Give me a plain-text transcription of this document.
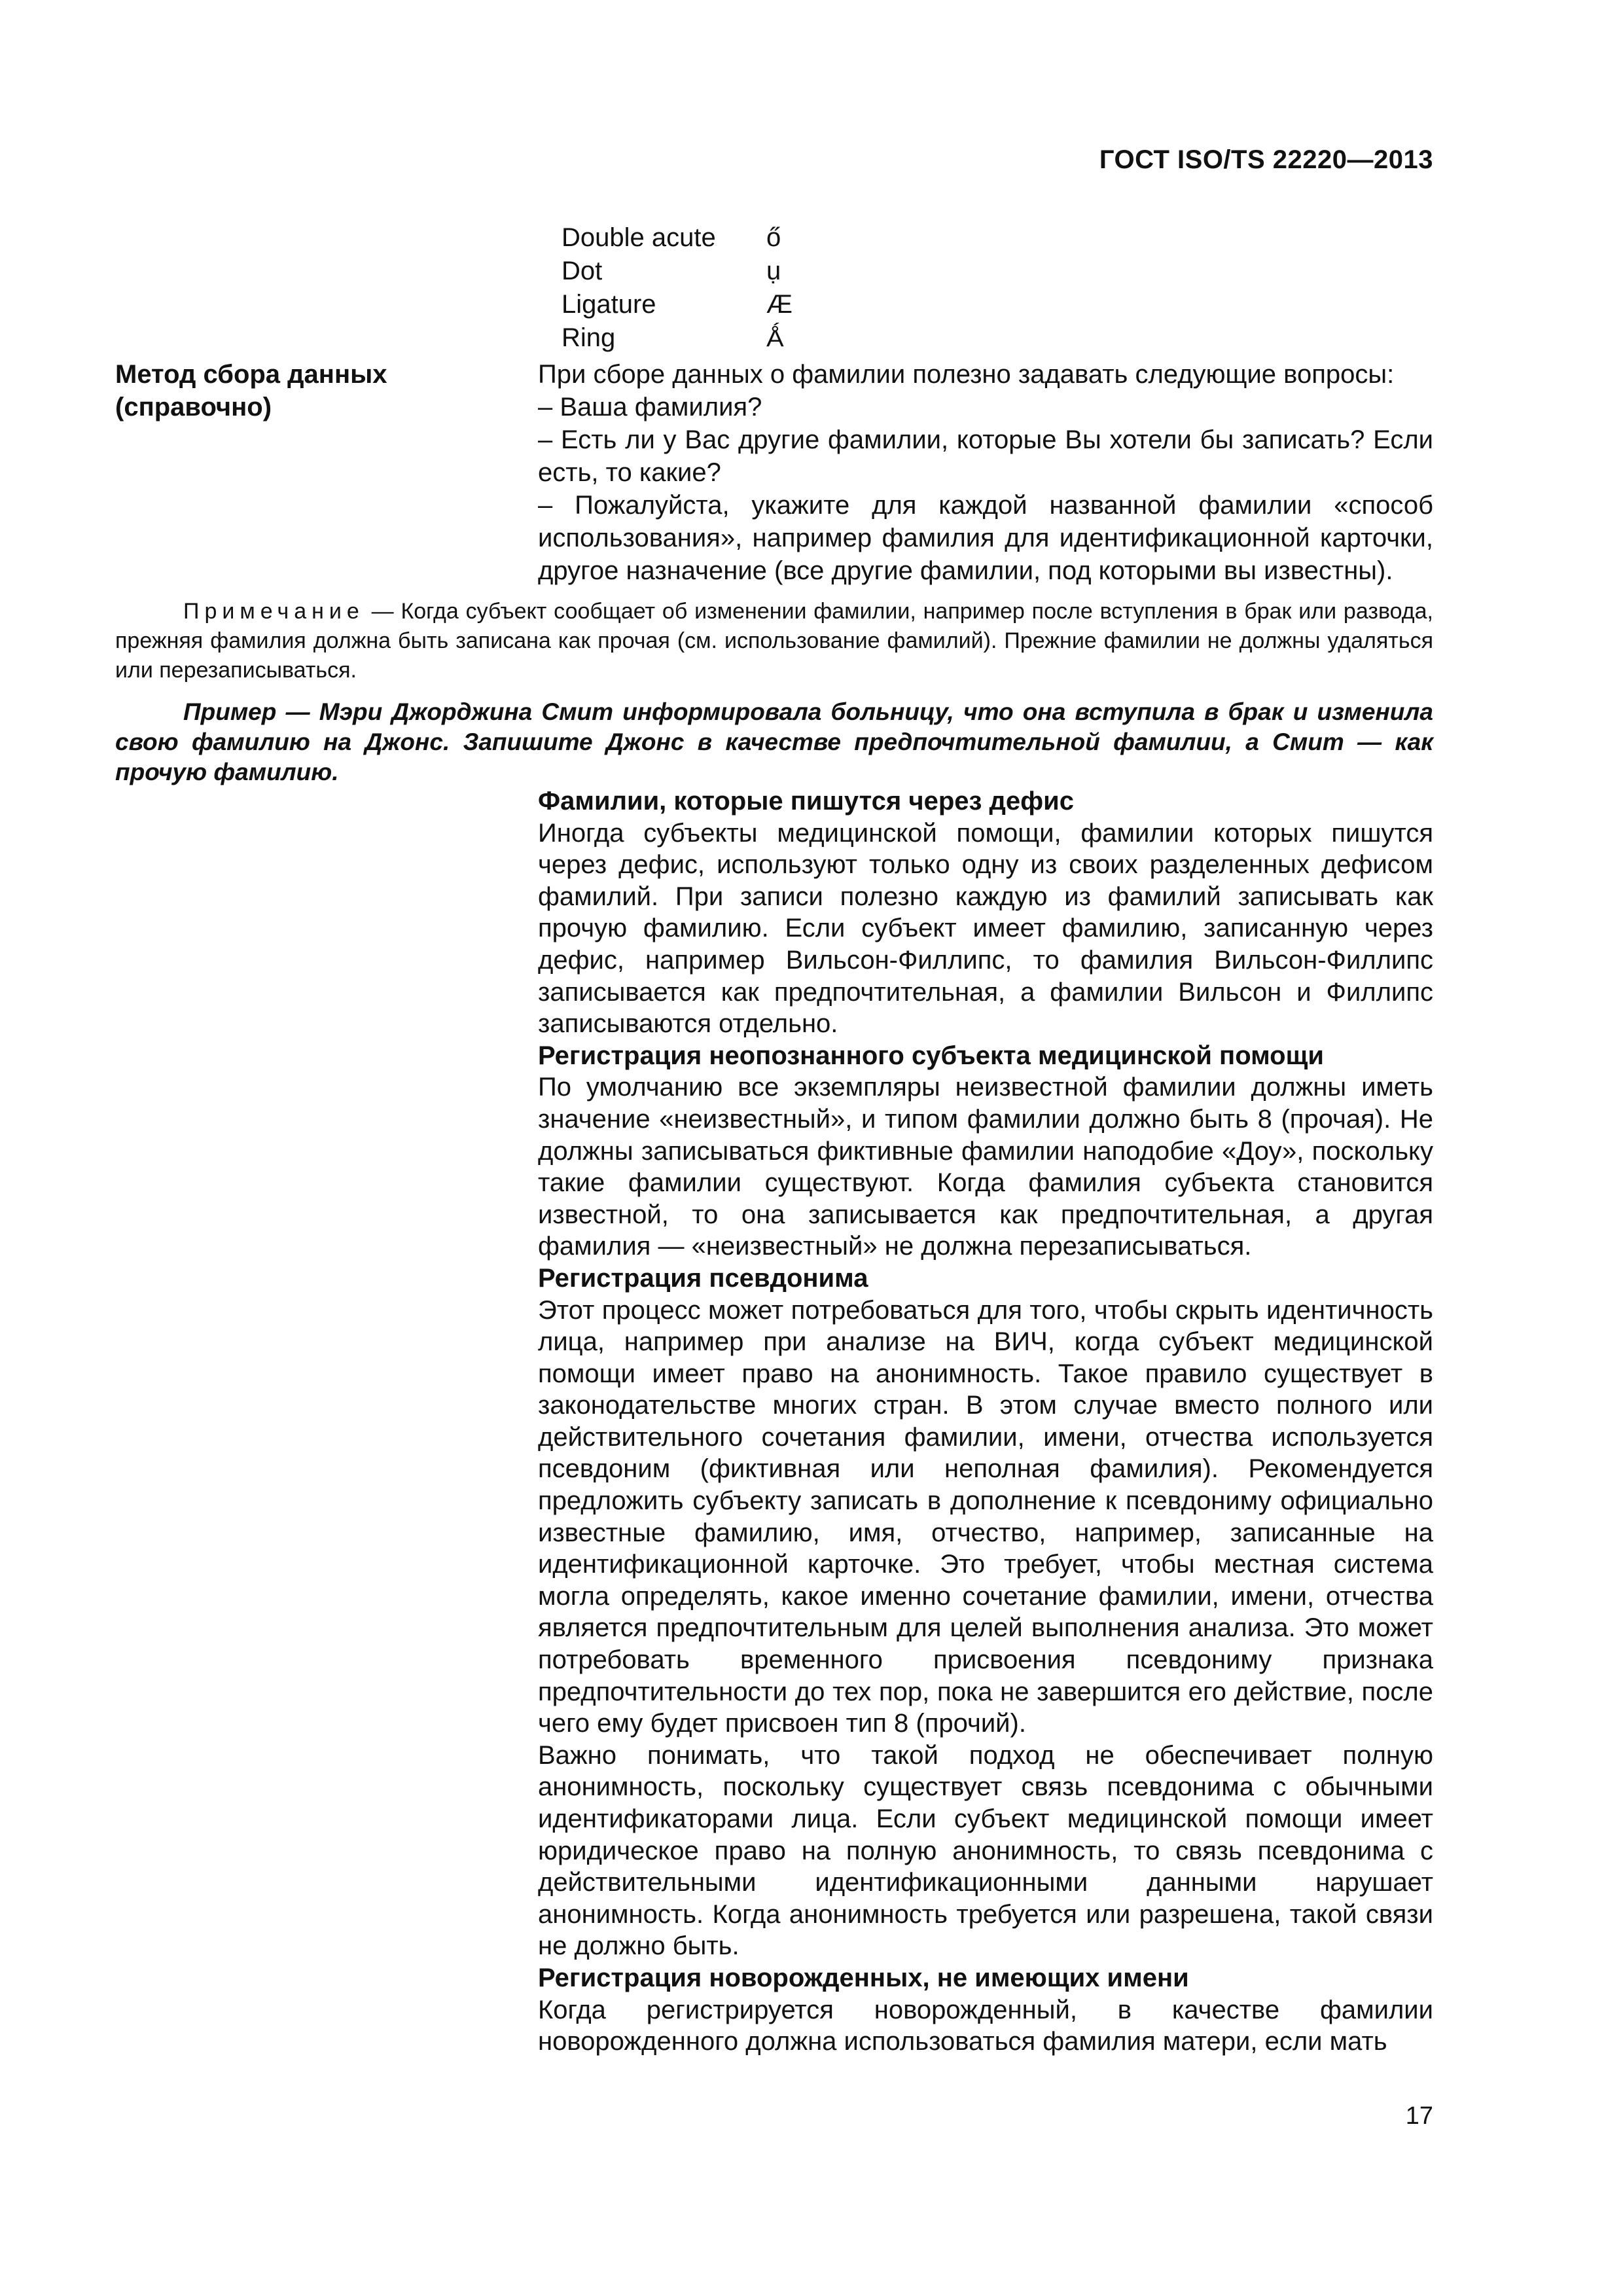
ГОСТ ISO/TS 22220—2013
Double acute	ő
Dot	ụ
Ligature	Æ
Ring	Ǻ
Метод сбора данных
(справочно)

При сборе данных о фамилии полезно задавать следующие вопросы:

– Ваша фамилия?

– Есть ли у Вас другие фамилии, которые Вы хотели бы записать? Если есть, то какие?

– Пожалуйста, укажите для каждой названной фамилии «способ использования», например фамилия для идентификационной карточки, другое назначение (все другие фамилии, под которыми вы известны).

Примечание — Когда субъект сообщает об изменении фамилии, например после вступления в брак или развода, прежняя фамилия должна быть записана как прочая (см. использование фамилий). Прежние фамилии не должны удаляться или перезаписываться.
Пример — Мэри Джорджина Смит информировала больницу, что она вступила в брак и изменила свою фамилию на Джонс. Запишите Джонс в качестве предпочтительной фамилии, а Смит — как прочую фамилию.
Фамилии, которые пишутся через дефис

Иногда субъекты медицинской помощи, фамилии которых пишутся через дефис, используют только одну из своих разделенных дефисом фамилий. При записи полезно каждую из фамилий записывать как прочую фамилию. Если субъект имеет фамилию, записанную через дефис, например Вильсон-Филлипс, то фамилия Вильсон-Филлипс записывается как предпочтительная, а фамилии Вильсон и Филлипс записываются отдельно.

Регистрация неопознанного субъекта медицинской помощи

По умолчанию все экземпляры неизвестной фамилии должны иметь значение «неизвестный», и типом фамилии должно быть 8 (прочая). Не должны записываться фиктивные фамилии наподобие «Доу», поскольку такие фамилии существуют. Когда фамилия субъекта становится известной, то она записывается как предпочтительная, а другая фамилия — «неизвестный» не должна перезаписываться.

Регистрация псевдонима

Этот процесс может потребоваться для того, чтобы скрыть идентичность лица, например при анализе на ВИЧ, когда субъект медицинской помощи имеет право на анонимность. Такое правило существует в законодательстве многих стран. В этом случае вместо полного или действительного сочетания фамилии, имени, отчества используется псевдоним (фиктивная или неполная фамилия). Рекомендуется предложить субъекту записать в дополнение к псевдониму официально известные фамилию, имя, отчество, например, записанные на идентификационной карточке. Это требует, чтобы местная система могла определять, какое именно сочетание фамилии, имени, отчества является предпочтительным для целей выполнения анализа. Это может потребовать временного присвоения псевдониму признака предпочтительности до тех пор, пока не завершится его действие, после чего ему будет присвоен тип 8 (прочий).

Важно понимать, что такой подход не обеспечивает полную анонимность, поскольку существует связь псевдонима с обычными идентификаторами лица. Если субъект медицинской помощи имеет юридическое право на полную анонимность, то связь псевдонима с действительными идентификационными данными нарушает анонимность. Когда анонимность требуется или разрешена, такой связи не должно быть.

Регистрация новорожденных, не имеющих имени

Когда регистрируется новорожденный, в качестве фамилии новорожденного должна использоваться фамилия матери, если мать

17
